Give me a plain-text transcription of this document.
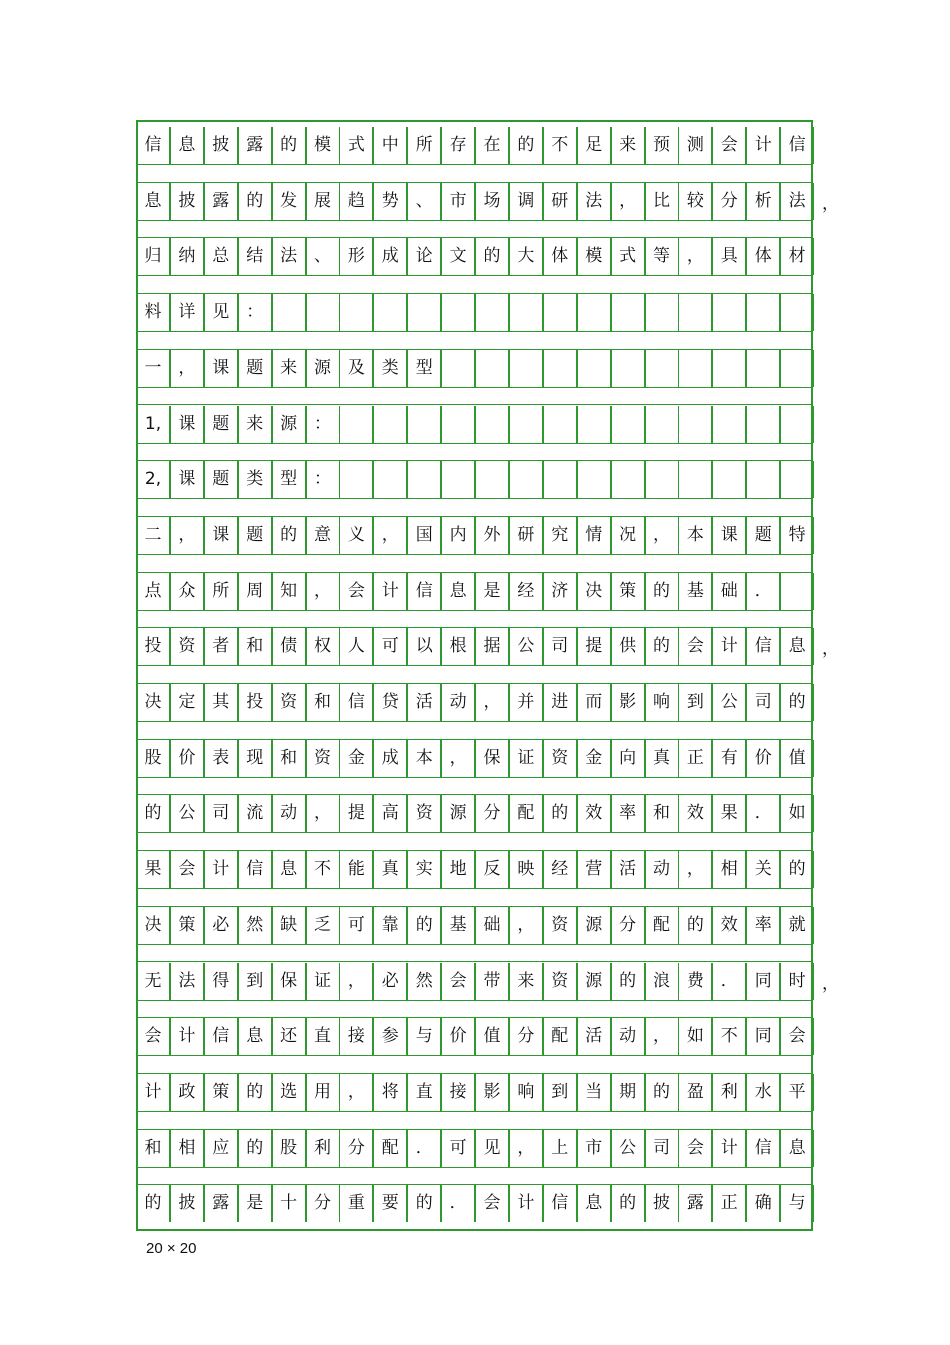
信 息 披 露 的 模 式 中 所 存 在 的 不 足 来 预 测 会 计 信
息 披 露 的 发 展 趋 势 、 市 场 调 研 法 ， 比 较 分 析 法 ，
归 纳 总 结 法 、 形 成 论 文 的 大 体 模 式 等 ， 具 体 材
料 详 见 ：
一 ， 课 题 来 源 及 类 型
1,	课 题 来 源 ：
2,	课 题 类 型 ：
二 ， 课 题 的 意 义 ， 国 内 外 研 究 情 况 ， 本 课 题 特
点 众 所 周 知 ， 会 计 信 息 是 经 济 决 策 的 基 础 ．
投 资 者 和 债 权 人 可 以 根 据 公 司 提 供 的 会 计 信 息 ，
决 定 其 投 资 和 信 贷 活 动 ， 并 进 而 影 响 到 公 司 的
股 价 表 现 和 资 金 成 本 ， 保 证 资 金 向 真 正 有 价 值
的 公 司 流 动 ， 提 高 资 源 分 配 的 效 率 和 效 果 ． 如
果 会 计 信 息 不 能 真 实 地 反 映 经 营 活 动 ， 相 关 的
决 策 必 然 缺 乏 可 靠 的 基 础 ， 资 源 分 配 的 效 率 就
无 法 得 到 保 证 ， 必 然 会 带 来 资 源 的 浪 费 ． 同 时 ，
会 计 信 息 还 直 接 参 与 价 值 分 配 活 动 ， 如 不 同 会
计 政 策 的 选 用 ， 将 直 接 影 响 到 当 期 的 盈 利 水 平
和 相 应 的 股 利 分 配 ． 可 见 ， 上 市 公 司 会 计 信 息
的 披 露 是 十 分 重 要 的 ． 会 计 信 息 的 披 露 正 确 与
20 × 20
